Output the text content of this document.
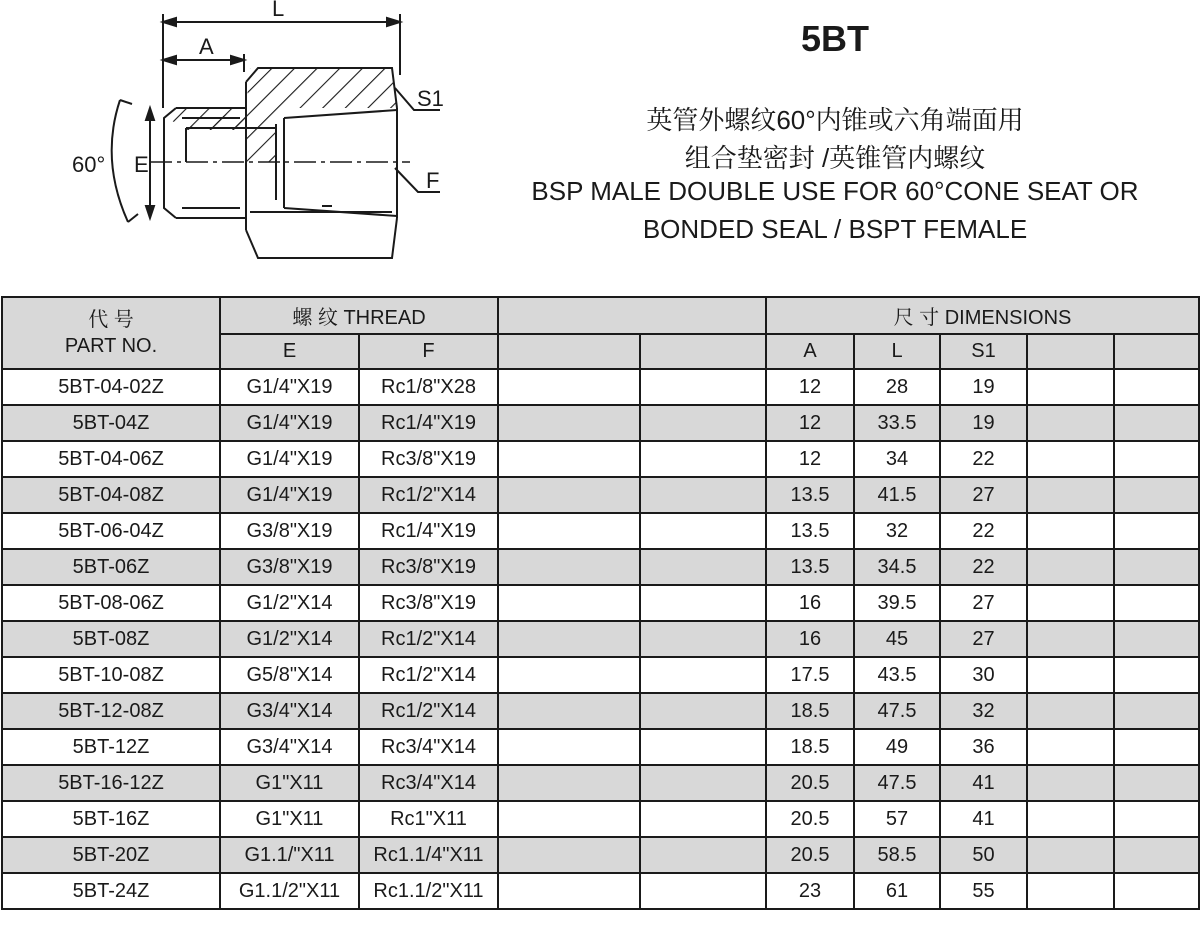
L
A
S1
F
E
60°
5BT
英管外螺纹60°内锥或六角端面用
组合垫密封 /英锥管内螺纹
BSP MALE DOUBLE USE FOR 60°CONE SEAT OR
BONDED SEAL / BSPT FEMALE
代 号
PART NO.	螺 纹 THREAD				尺 寸 DIMENSIONS				
	E	F			A	L	S1		
5BT-04-02Z	G1/4"X19	Rc1/8"X28			12	28	19		
5BT-04Z	G1/4"X19	Rc1/4"X19			12	33.5	19		
5BT-04-06Z	G1/4"X19	Rc3/8"X19			12	34	22		
5BT-04-08Z	G1/4"X19	Rc1/2"X14			13.5	41.5	27		
5BT-06-04Z	G3/8"X19	Rc1/4"X19			13.5	32	22		
5BT-06Z	G3/8"X19	Rc3/8"X19			13.5	34.5	22		
5BT-08-06Z	G1/2"X14	Rc3/8"X19			16	39.5	27		
5BT-08Z	G1/2"X14	Rc1/2"X14			16	45	27		
5BT-10-08Z	G5/8"X14	Rc1/2"X14			17.5	43.5	30		
5BT-12-08Z	G3/4"X14	Rc1/2"X14			18.5	47.5	32		
5BT-12Z	G3/4"X14	Rc3/4"X14			18.5	49	36		
5BT-16-12Z	G1"X11	Rc3/4"X14			20.5	47.5	41		
5BT-16Z	G1"X11	Rc1"X11			20.5	57	41		
5BT-20Z	G1.1/"X11	Rc1.1/4"X11			20.5	58.5	50		
5BT-24Z	G1.1/2"X11	Rc1.1/2"X11			23	61	55		
